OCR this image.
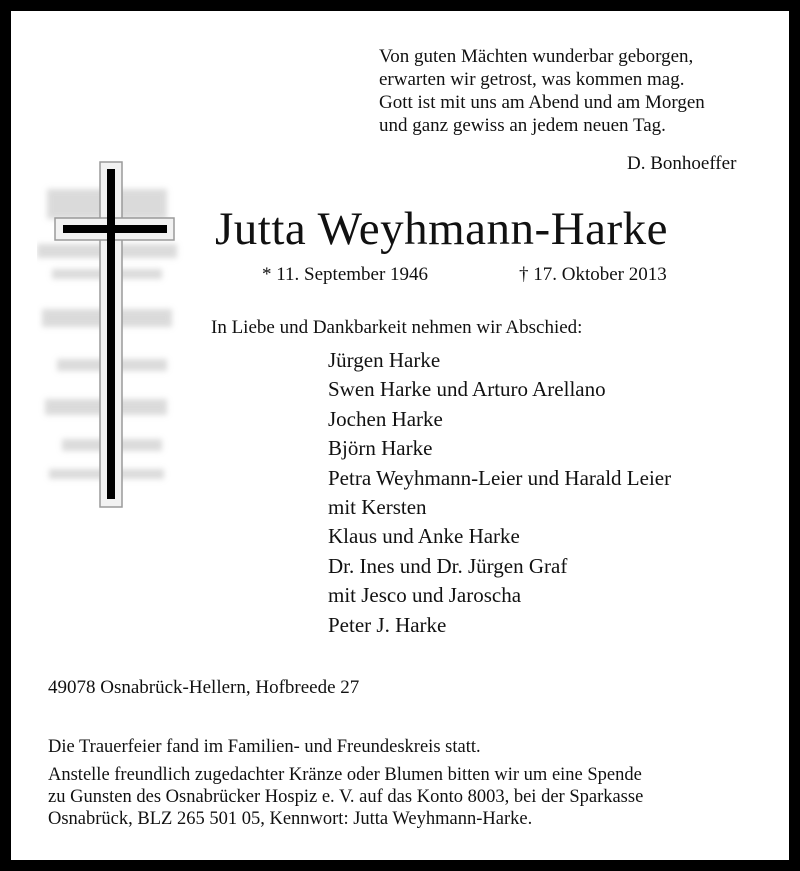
Von guten Mächten wunderbar geborgen,
erwarten wir getrost, was kommen mag.
Gott ist mit uns am Abend und am Morgen
und ganz gewiss an jedem neuen Tag.
D. Bonhoeffer
Jutta Weyhmann-Harke
* 11. September 1946	† 17. Oktober 2013
In Liebe und Dankbarkeit nehmen wir Abschied:
Jürgen Harke
Swen Harke und Arturo Arellano
Jochen Harke
Björn Harke
Petra Weyhmann-Leier und Harald Leier
mit Kersten
Klaus und Anke Harke
Dr. Ines und Dr. Jürgen Graf
mit Jesco und Jaroscha
Peter J. Harke
49078 Osnabrück-Hellern, Hofbreede 27
Die Trauerfeier fand im Familien- und Freundeskreis statt.
Anstelle freundlich zugedachter Kränze oder Blumen bitten wir um eine Spende
zu Gunsten des Osnabrücker Hospiz e. V. auf das Konto 8003, bei der Sparkasse
Osnabrück, BLZ 265 501 05, Kennwort: Jutta Weyhmann-Harke.
